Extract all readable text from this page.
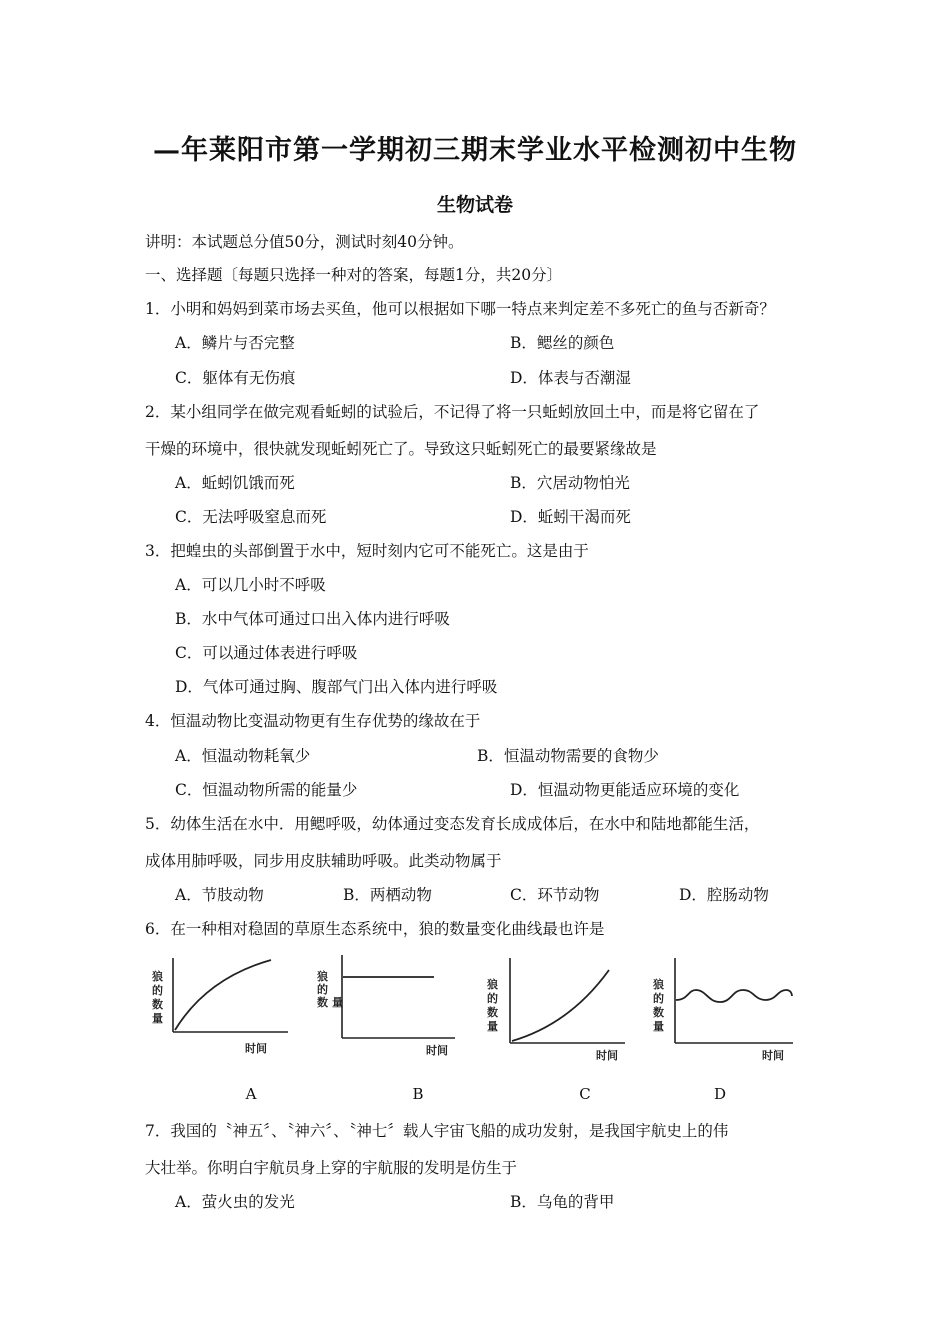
—年莱阳市第一学期初三期末学业水平检测初中生物
生物试卷
讲明：本试题总分值50分，测试时刻40分钟。
一、选择题〔每题只选择一种对的答案，每题1分，共20分〕
1．小明和妈妈到菜市场去买鱼，他可以根据如下哪一特点来判定差不多死亡的鱼与否新奇？
A．鳞片与否完整	B．鳃丝的颜色
C．躯体有无伤痕	D．体表与否潮湿
2．某小组同学在做完观看蚯蚓的试验后，不记得了将一只蚯蚓放回土中，而是将它留在了
干燥的环境中，很快就发现蚯蚓死亡了。导致这只蚯蚓死亡的最要紧缘故是
A．蚯蚓饥饿而死	B．穴居动物怕光
C．无法呼吸窒息而死	D．蚯蚓干渴而死
3．把蝗虫的头部倒置于水中，短时刻内它可不能死亡。这是由于
A．可以几小时不呼吸
B．水中气体可通过口出入体内进行呼吸
C．可以通过体表进行呼吸
D．气体可通过胸、腹部气门出入体内进行呼吸
4．恒温动物比变温动物更有生存优势的缘故在于
A．恒温动物耗氧少	B．恒温动物需要的食物少
C．恒温动物所需的能量少	D．恒温动物更能适应环境的变化
5．幼体生活在水中．用鳃呼吸，幼体通过变态发育长成成体后，在水中和陆地都能生活，
成体用肺呼吸，同步用皮肤辅助呼吸。此类动物属于
A．节肢动物	B．两栖动物	C．环节动物	D．腔肠动物
6．在一种相对稳固的草原生态系统中，狼的数量变化曲线最也许是
狼
的
数
量
时间
狼
的
数 量
时间
狼
的
数
量
时间
狼
的
数
量
时间
A	B	C	D
7．我国的〝神五〞、〝神六〞、〝神七〞载人宇宙飞船的成功发射，是我国宇航史上的伟
大壮举。你明白宇航员身上穿的宇航服的发明是仿生于
A．萤火虫的发光	B．乌龟的背甲
